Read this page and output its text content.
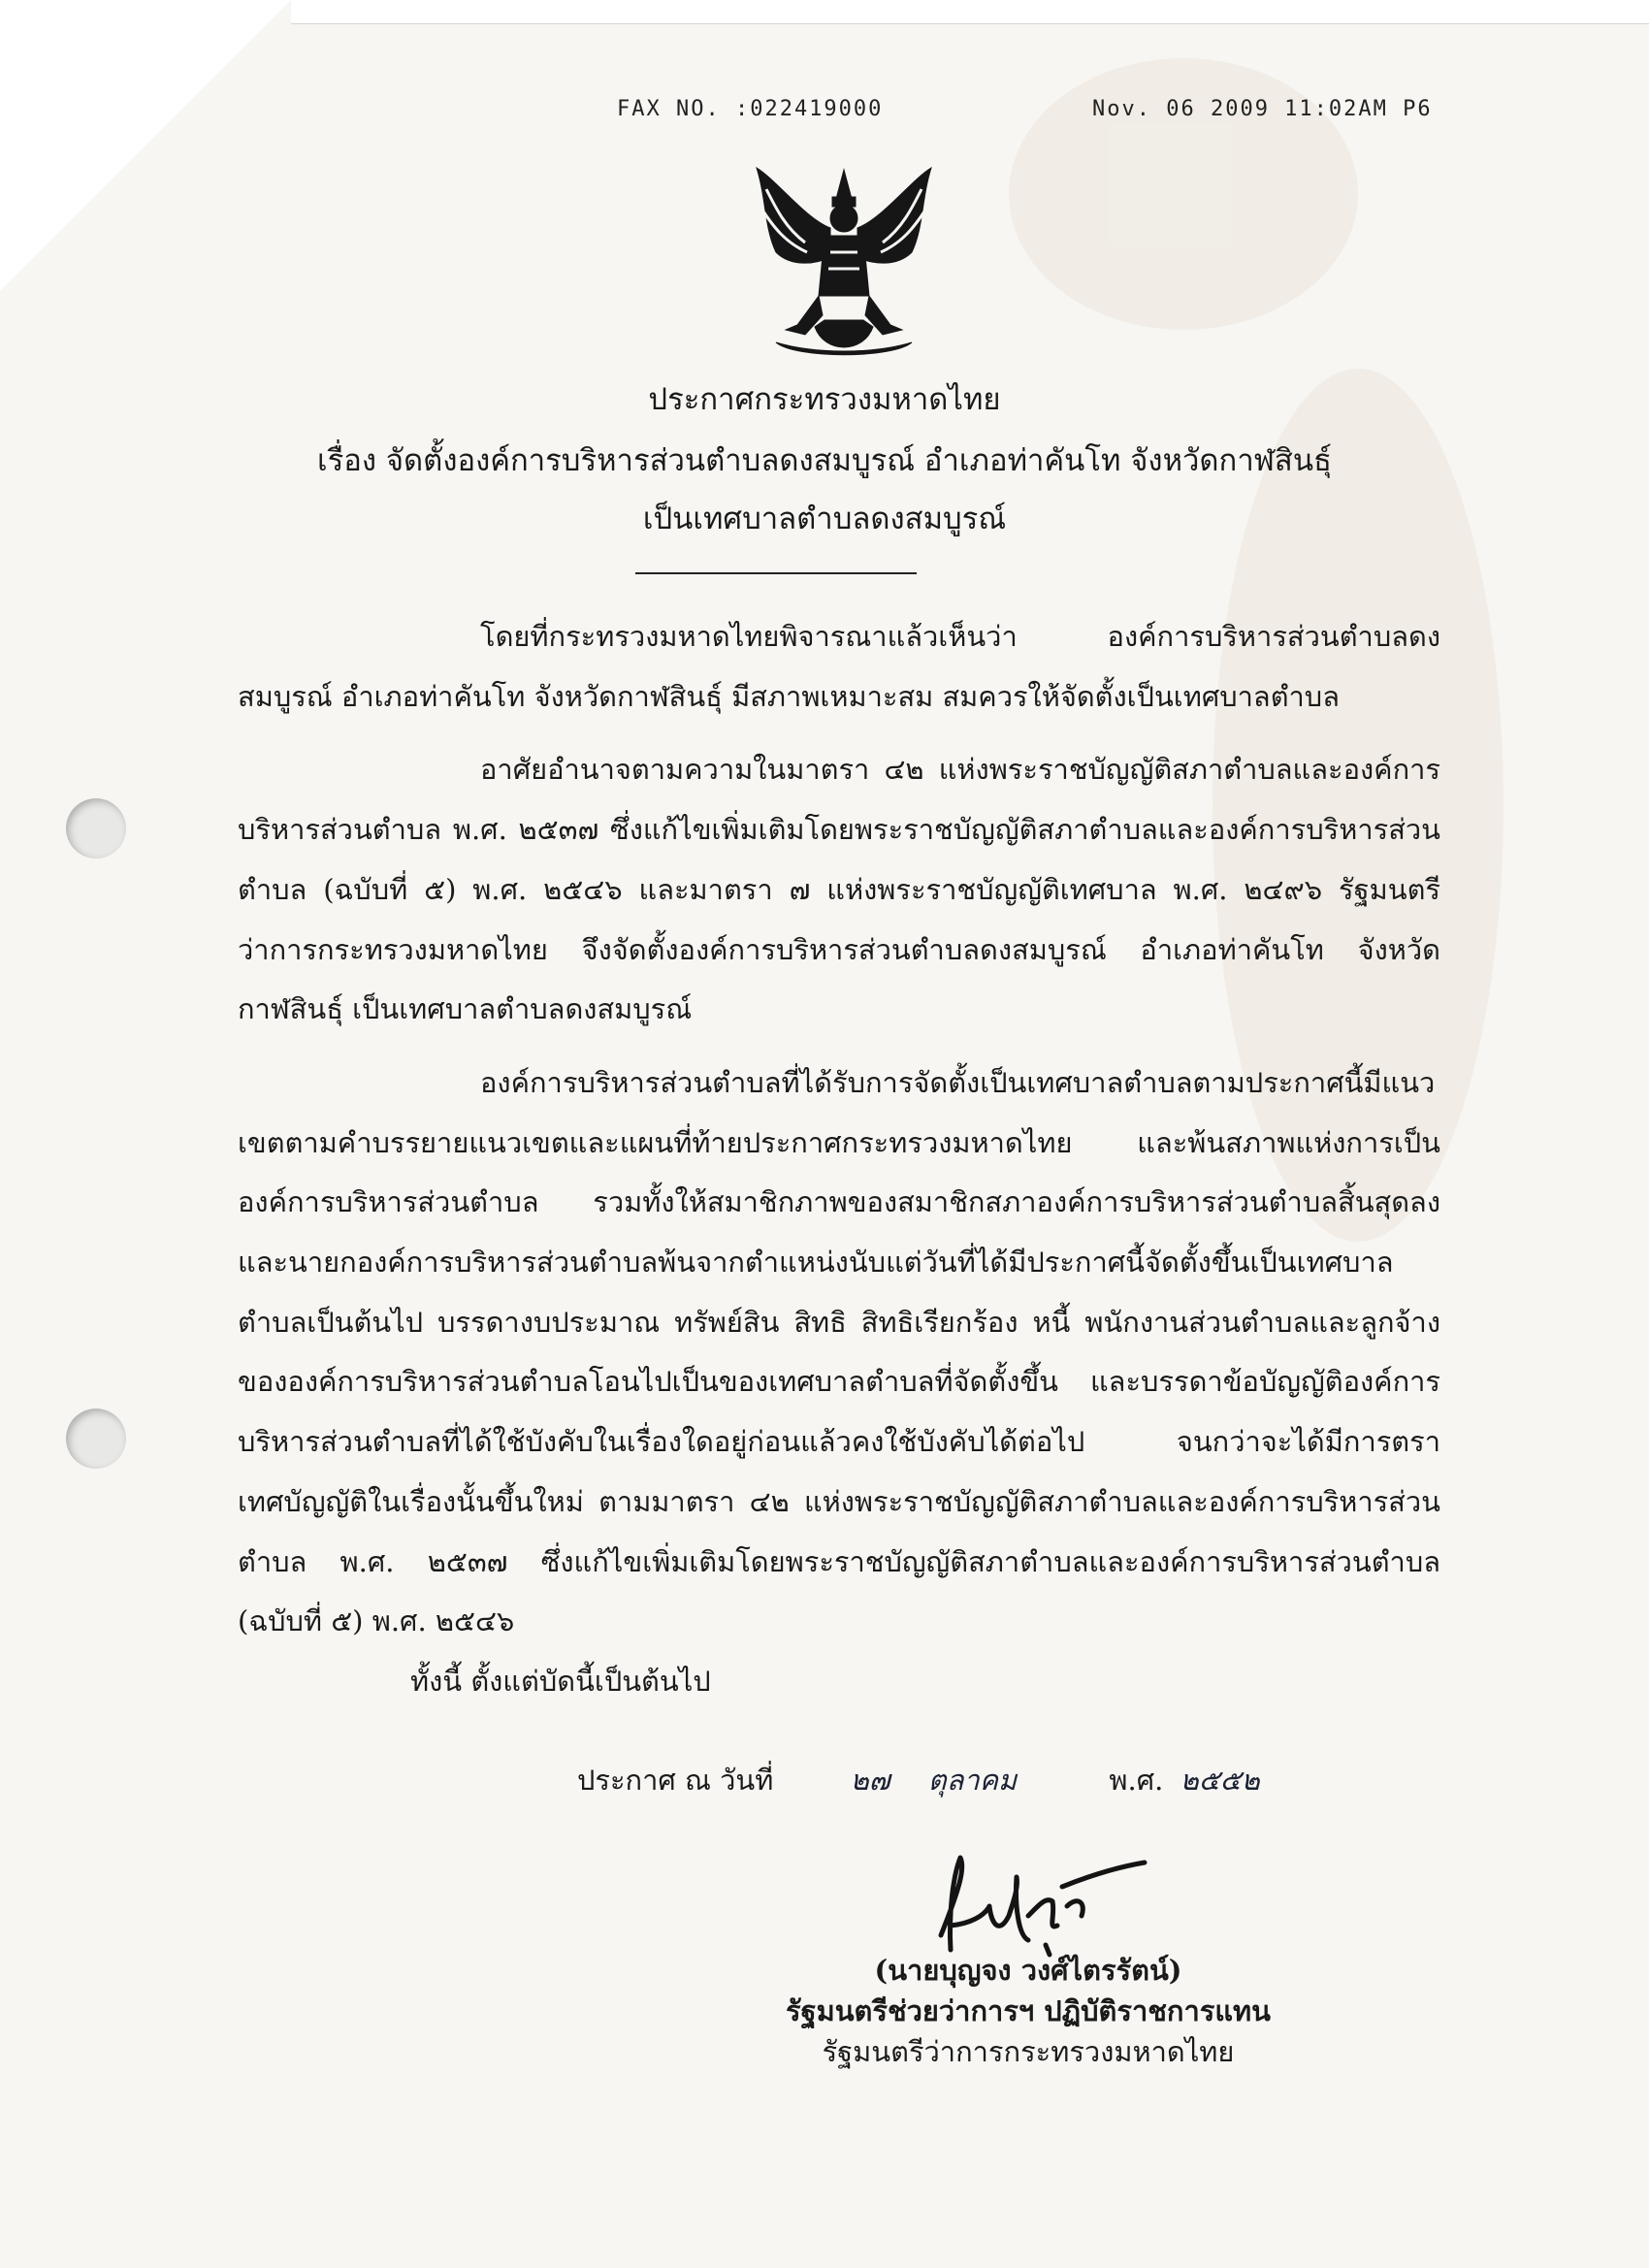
FAX NO. :022419000	Nov. 06 2009 11:02AM P6
ประกาศกระทรวงมหาดไทย
เรื่อง จัดตั้งองค์การบริหารส่วนตำบลดงสมบูรณ์ อำเภอท่าคันโท จังหวัดกาฬสินธุ์
เป็นเทศบาลตำบลดงสมบูรณ์

โดยที่กระทรวงมหาดไทยพิจารณาแล้วเห็นว่า องค์การบริหารส่วนตำบลดงสมบูรณ์ อำเภอท่าคันโท จังหวัดกาฬสินธุ์ มีสภาพเหมาะสม สมควรให้จัดตั้งเป็นเทศบาลตำบล

อาศัยอำนาจตามความในมาตรา ๔๒ แห่งพระราชบัญญัติสภาตำบลและองค์การบริหารส่วนตำบล พ.ศ. ๒๕๓๗ ซึ่งแก้ไขเพิ่มเติมโดยพระราชบัญญัติสภาตำบลและองค์การบริหารส่วนตำบล (ฉบับที่ ๕) พ.ศ. ๒๕๔๖ และมาตรา ๗ แห่งพระราชบัญญัติเทศบาล พ.ศ. ๒๔๙๖ รัฐมนตรีว่าการกระทรวงมหาดไทย จึงจัดตั้งองค์การบริหารส่วนตำบลดงสมบูรณ์ อำเภอท่าคันโท จังหวัดกาฬสินธุ์ เป็นเทศบาลตำบลดงสมบูรณ์

องค์การบริหารส่วนตำบลที่ได้รับการจัดตั้งเป็นเทศบาลตำบลตามประกาศนี้มีแนวเขตตามคำบรรยายแนวเขตและแผนที่ท้ายประกาศกระทรวงมหาดไทย และพ้นสภาพแห่งการเป็นองค์การบริหารส่วนตำบล รวมทั้งให้สมาชิกภาพของสมาชิกสภาองค์การบริหารส่วนตำบลสิ้นสุดลงและนายกองค์การบริหารส่วนตำบลพ้นจากตำแหน่งนับแต่วันที่ได้มีประกาศนี้จัดตั้งขึ้นเป็นเทศบาลตำบลเป็นต้นไป บรรดางบประมาณ ทรัพย์สิน สิทธิ สิทธิเรียกร้อง หนี้ พนักงานส่วนตำบลและลูกจ้างขององค์การบริหารส่วนตำบลโอนไปเป็นของเทศบาลตำบลที่จัดตั้งขึ้น และบรรดาข้อบัญญัติองค์การบริหารส่วนตำบลที่ได้ใช้บังคับในเรื่องใดอยู่ก่อนแล้วคงใช้บังคับได้ต่อไป จนกว่าจะได้มีการตราเทศบัญญัติในเรื่องนั้นขึ้นใหม่ ตามมาตรา ๔๒ แห่งพระราชบัญญัติสภาตำบลและองค์การบริหารส่วนตำบล พ.ศ. ๒๕๓๗ ซึ่งแก้ไขเพิ่มเติมโดยพระราชบัญญัติสภาตำบลและองค์การบริหารส่วนตำบล (ฉบับที่ ๕) พ.ศ. ๒๕๔๖

ทั้งนี้ ตั้งแต่บัดนี้เป็นต้นไป

ประกาศ ณ วันที่	๒๗ ตุลาคม	พ.ศ. ๒๕๕๒
(นายบุญจง วงศ์ไตรรัตน์)
รัฐมนตรีช่วยว่าการฯ ปฏิบัติราชการแทน
รัฐมนตรีว่าการกระทรวงมหาดไทย
